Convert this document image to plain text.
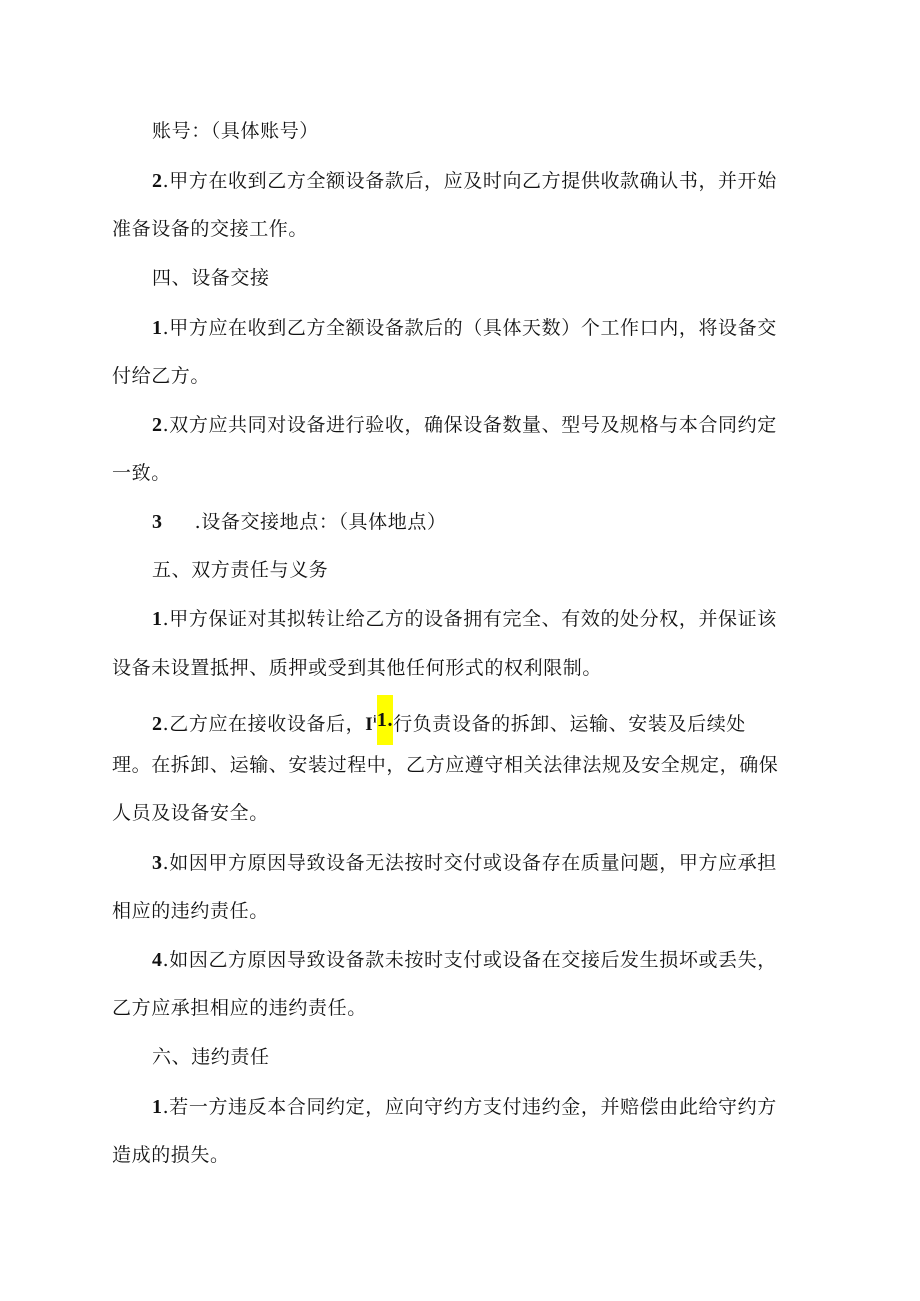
账号：（具体账号）
2.甲方在收到乙方全额设备款后，应及时向乙方提供收款确认书，并开始
准备设备的交接工作。
四、设备交接
1.甲方应在收到乙方全额设备款后的（具体天数）个工作口内，将设备交
付给乙方。
2.双方应共同对设备进行验收，确保设备数量、型号及规格与本合同约定
一致。
3 .设备交接地点：（具体地点）
五、双方责任与义务
1.甲方保证对其拟转让给乙方的设备拥有完全、有效的处分权，并保证该
设备未设置抵押、质押或受到其他任何形式的权利限制。
2.乙方应在接收设备后，$I^i1$.行负责设备的拆卸、运输、安装及后续处
理。在拆卸、运输、安装过程中，乙方应遵守相关法律法规及安全规定，确保
人员及设备安全。
3.如因甲方原因导致设备无法按时交付或设备存在质量问题，甲方应承担
相应的违约责任。
4.如因乙方原因导致设备款未按时支付或设备在交接后发生损坏或丢失，
乙方应承担相应的违约责任。
六、违约责任
1.若一方违反本合同约定，应向守约方支付违约金，并赔偿由此给守约方
造成的损失。
